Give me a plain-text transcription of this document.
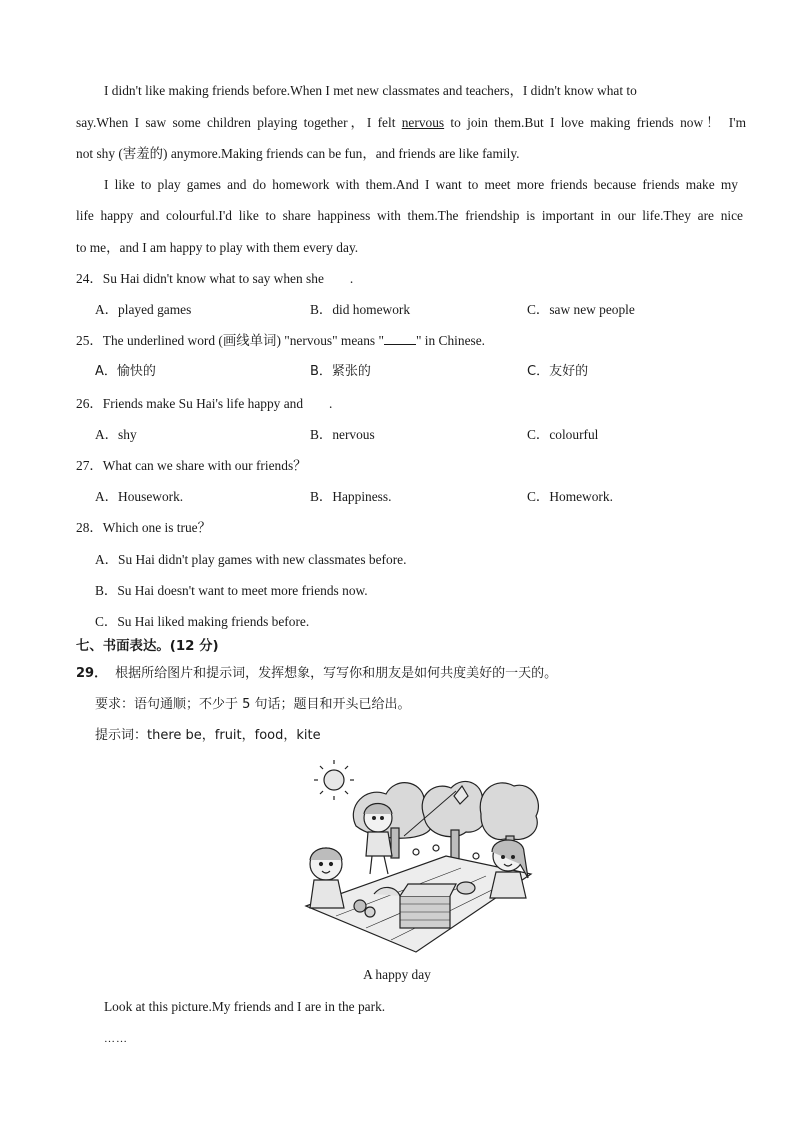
I didn't like making friends before.When I met new classmates and teachers，I didn't know what to
say.When I saw some children playing together，I felt nervous to join them.But I love making friends now！ I'm
not shy (害羞的) anymore.Making friends can be fun，and friends are like family.
I like to play games and do homework with them.And I want to meet more friends because friends make my
life happy and colourful.I'd like to share happiness with them.The friendship is important in our life.They are nice
to me，and I am happy to play with them every day.
24．Su Hai didn't know what to say when she .
A．played games	B．did homework	C．saw new people
25．The underlined word (画线单词) "nervous" means " " in Chinese.
A．愉快的	B．紧张的	C．友好的
26．Friends make Su Hai's life happy and .
A．shy	B．nervous	C．colourful
27．What can we share with our friends？
A．Housework.	B．Happiness.	C．Homework.
28．Which one is true？
A．Su Hai didn't play games with new classmates before.
B．Su Hai doesn't want to meet more friends now.
C．Su Hai liked making friends before.
七、书面表达。(12 分)
29． 根据所给图片和提示词，发挥想象，写写你和朋友是如何共度美好的一天的。
要求：语句通顺；不少于 5 句话；题目和开头已给出。
提示词：there be，fruit，food，kite
A happy day
Look at this picture.My friends and I are in the park.
……
